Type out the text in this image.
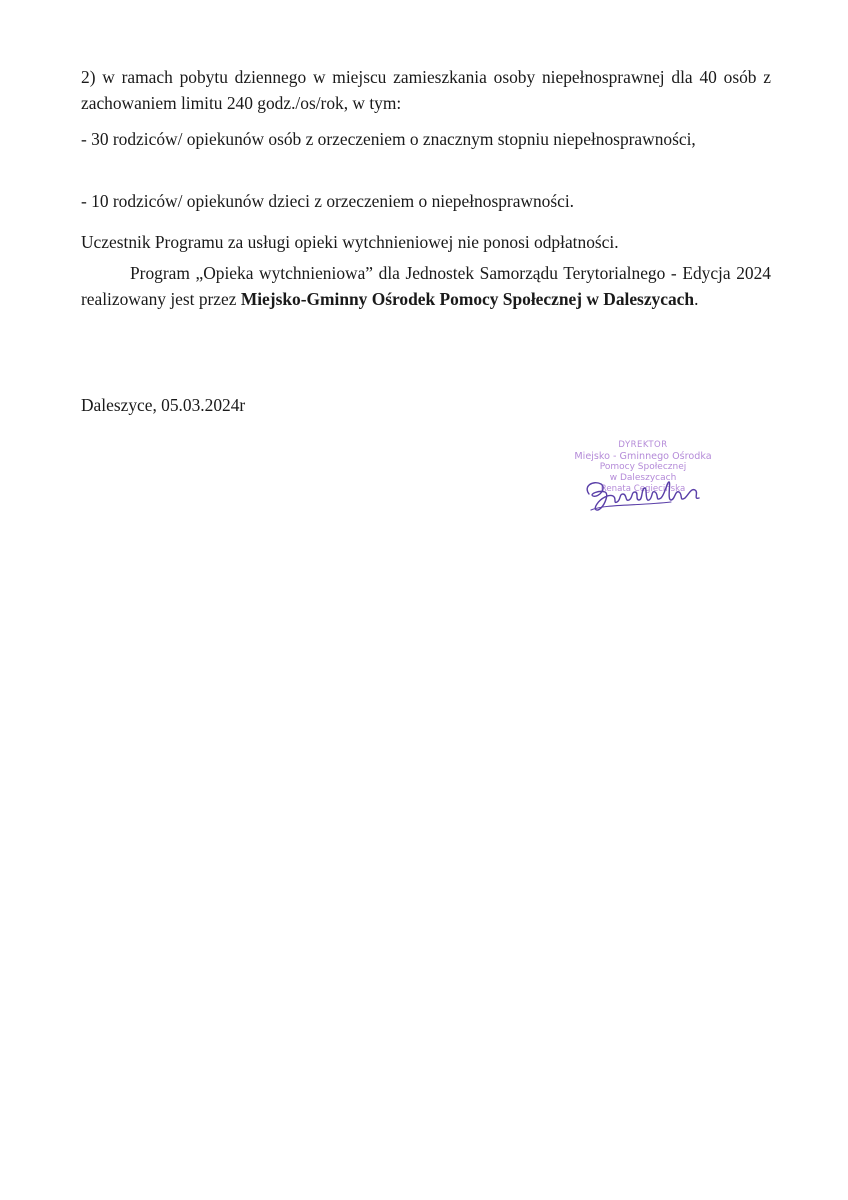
2) w ramach pobytu dziennego w miejscu zamieszkania osoby niepełnosprawnej dla 40 osób z zachowaniem limitu 240 godz./os/rok, w tym:

- 30 rodziców/ opiekunów osób z orzeczeniem o znacznym stopniu niepełnosprawności,

- 10 rodziców/ opiekunów dzieci z orzeczeniem o niepełnosprawności.

Uczestnik Programu za usługi opieki wytchnieniowej nie ponosi odpłatności.

Program „Opieka wytchnieniowa” dla Jednostek Samorządu Terytorialnego - Edycja 2024 realizowany jest przez Miejsko-Gminny Ośrodek Pomocy Społecznej w Daleszycach.

Daleszyce, 05.03.2024r

DYREKTOR
Miejsko - Gminnego Ośrodka
Pomocy Społecznej
w Daleszycach
Renata Cegiecińska
